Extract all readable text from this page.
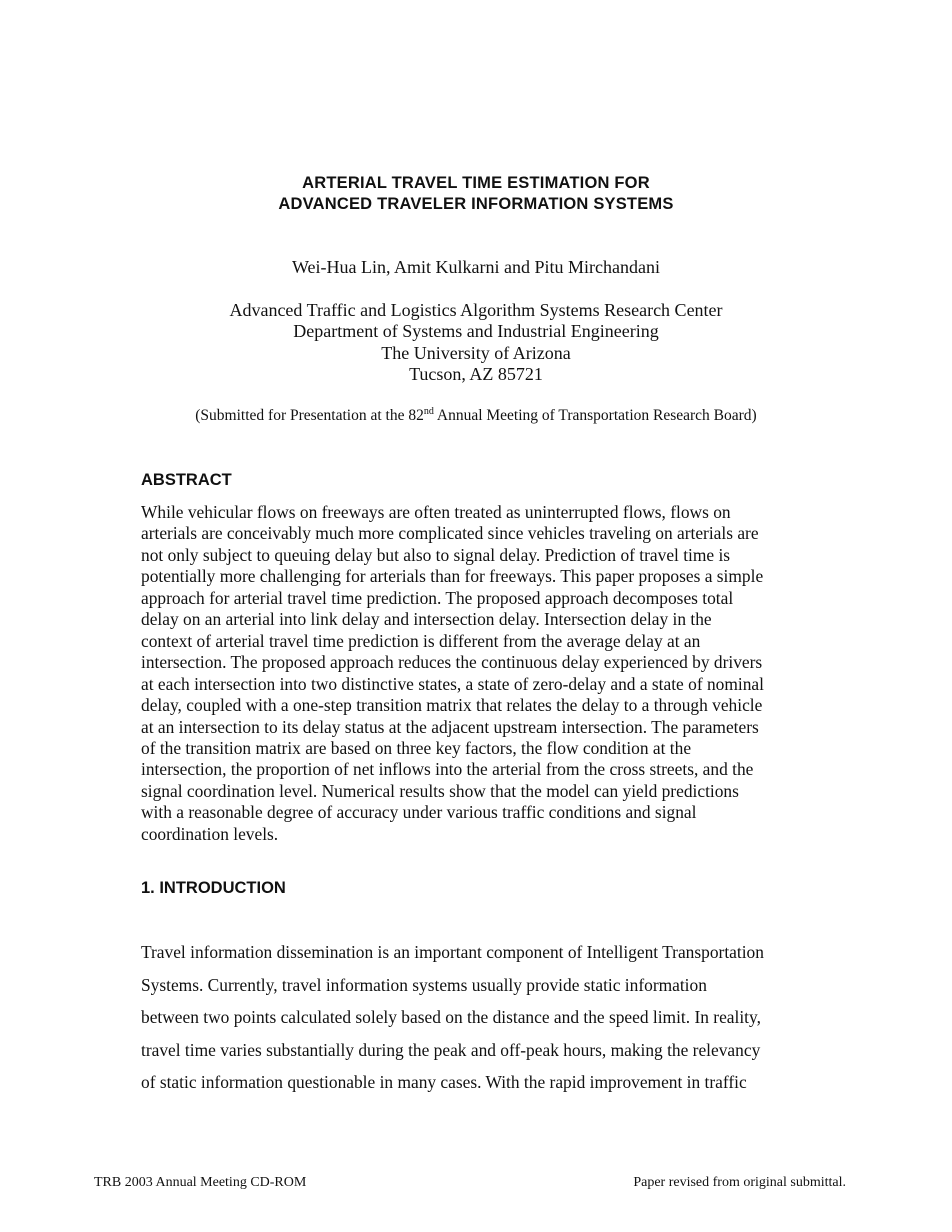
ARTERIAL TRAVEL TIME ESTIMATION FOR
ADVANCED TRAVELER INFORMATION SYSTEMS
Wei-Hua Lin, Amit Kulkarni and Pitu Mirchandani
Advanced Traffic and Logistics Algorithm Systems Research Center
Department of Systems and Industrial Engineering
The University of Arizona
Tucson, AZ 85721
(Submitted for Presentation at the 82nd Annual Meeting of Transportation Research Board)
ABSTRACT
While vehicular flows on freeways are often treated as uninterrupted flows, flows on
arterials are conceivably much more complicated since vehicles traveling on arterials are
not only subject to queuing delay but also to signal delay. Prediction of travel time is
potentially more challenging for arterials than for freeways. This paper proposes a simple
approach for arterial travel time prediction. The proposed approach decomposes total
delay on an arterial into link delay and intersection delay. Intersection delay in the
context of arterial travel time prediction is different from the average delay at an
intersection. The proposed approach reduces the continuous delay experienced by drivers
at each intersection into two distinctive states, a state of zero-delay and a state of nominal
delay, coupled with a one-step transition matrix that relates the delay to a through vehicle
at an intersection to its delay status at the adjacent upstream intersection. The parameters
of the transition matrix are based on three key factors, the flow condition at the
intersection, the proportion of net inflows into the arterial from the cross streets, and the
signal coordination level. Numerical results show that the model can yield predictions
with a reasonable degree of accuracy under various traffic conditions and signal
coordination levels.
1. INTRODUCTION
Travel information dissemination is an important component of Intelligent Transportation
Systems. Currently, travel information systems usually provide static information
between two points calculated solely based on the distance and the speed limit. In reality,
travel time varies substantially during the peak and off-peak hours, making the relevancy
of static information questionable in many cases. With the rapid improvement in traffic
TRB 2003 Annual Meeting CD-ROM	Paper revised from original submittal.
